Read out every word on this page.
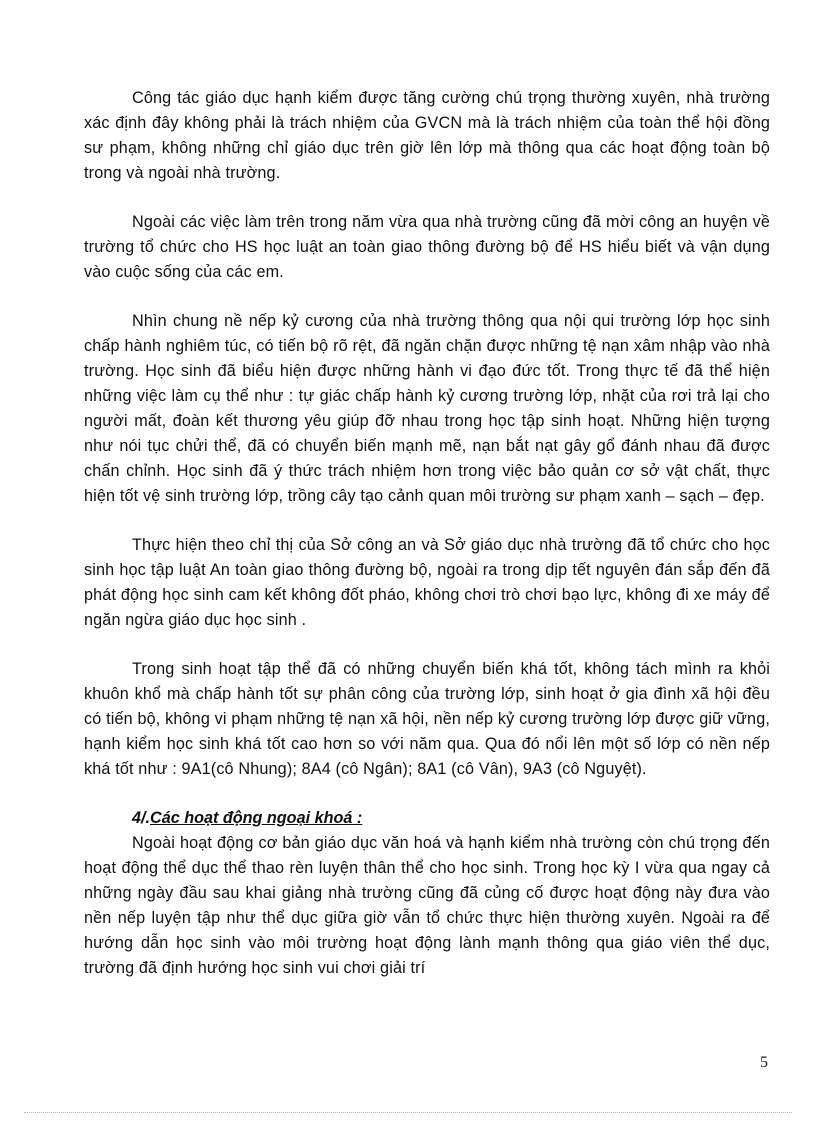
Công tác giáo dục hạnh kiểm được tăng cường chú trọng thường xuyên, nhà trường xác định đây không phải là trách nhiệm của GVCN mà là trách nhiệm của toàn thể hội đồng sư phạm, không những chỉ giáo dục trên giờ lên lớp mà thông qua các hoạt động toàn bộ trong và ngoài nhà trường.

Ngoài các việc làm trên trong năm vừa qua nhà trường cũng đã mời công an huyện về trường tổ chức cho HS học luật an toàn giao thông đường bộ để HS hiểu biết và vận dụng vào cuộc sống của các em.

Nhìn chung nề nếp kỷ cương của nhà trường thông qua nội qui trường lớp học sinh chấp hành nghiêm túc, có tiến bộ rõ rệt, đã ngăn chặn được những tệ nạn xâm nhập vào nhà trường. Học sinh đã biểu hiện được những hành vi đạo đức tốt. Trong thực tế đã thể hiện những việc làm cụ thể như : tự giác chấp hành kỷ cương trường lớp, nhặt của rơi trả lại cho người mất, đoàn kết thương yêu giúp đỡ nhau trong học tập sinh hoạt. Những hiện tượng như nói tục chửi thể, đã có chuyển biến mạnh mẽ, nạn bắt nạt gây gổ đánh nhau đã được chấn chỉnh. Học sinh đã ý thức trách nhiệm hơn trong việc bảo quản cơ sở vật chất, thực hiện tốt vệ sinh trường lớp, trồng cây tạo cảnh quan môi trường sư phạm xanh – sạch – đẹp.

Thực hiện theo chỉ thị của Sở công an và Sở giáo dục nhà trường đã tổ chức cho học sinh học tập luật An toàn giao thông đường bộ, ngoài ra trong dịp tết nguyên đán sắp đến đã phát động học sinh cam kết không đốt pháo, không chơi trò chơi bạo lực, không đi xe máy để ngăn ngừa giáo dục học sinh .

Trong sinh hoạt tập thể đã có những chuyển biến khá tốt, không tách mình ra khỏi khuôn khổ mà chấp hành tốt sự phân công của trường lớp, sinh hoạt ở gia đình xã hội đều có tiến bộ, không vi phạm những tệ nạn xã hội, nền nếp kỷ cương trường lớp được giữ vững, hạnh kiểm học sinh khá tốt cao hơn so với năm qua. Qua đó nổi lên một số lớp có nền nếp khá tốt như : 9A1(cô Nhung); 8A4 (cô Ngân); 8A1 (cô Vân), 9A3 (cô Nguyệt).

4/.Các hoạt động ngoại khoá :

Ngoài hoạt động cơ bản giáo dục văn hoá và hạnh kiểm nhà trường còn chú trọng đến hoạt động thể dục thể thao rèn luyện thân thể cho học sinh. Trong học kỳ I vừa qua ngay cả những ngày đầu sau khai giảng nhà trường cũng đã củng cố được hoạt động này đưa vào nền nếp luyện tập như thể dục giữa giờ vẫn tổ chức thực hiện thường xuyên. Ngoài ra để hướng dẫn học sinh vào môi trường hoạt động lành mạnh thông qua giáo viên thể dục, trường đã định hướng học sinh vui chơi giải trí

5
